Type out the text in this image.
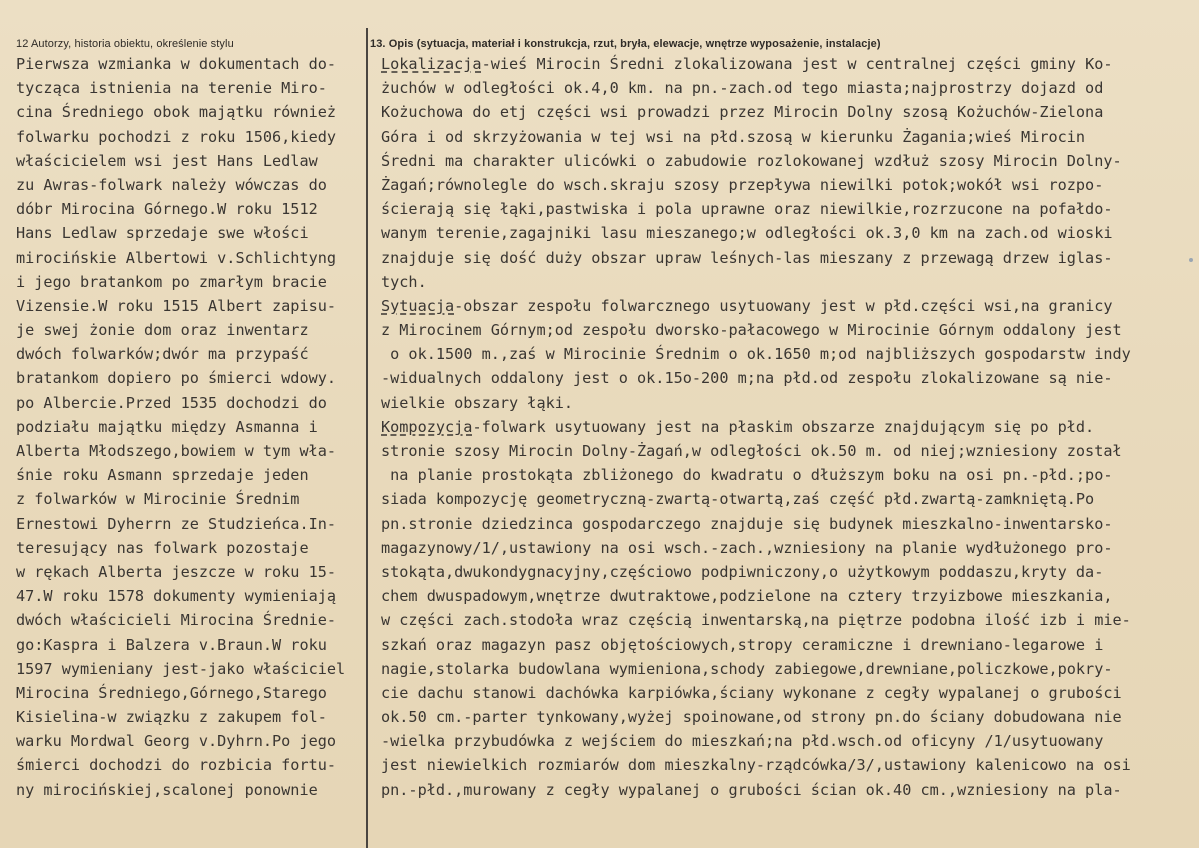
12 Autorzy, historia obiektu, określenie stylu	13. Opis (sytuacja, materiał i konstrukcja, rzut, bryła, elewacje, wnętrze wyposażenie, instalacje)
Pierwsza wzmianka w dokumentach do-
tycząca istnienia na terenie Miro-
cina Średniego obok majątku również
folwarku pochodzi z roku 1506,kiedy
właścicielem wsi jest Hans Ledlaw
zu Awras-folwark należy wówczas do
dóbr Mirocina Górnego.W roku 1512
Hans Ledlaw sprzedaje swe włości
mirocińskie Albertowi v.Schlichtyng
i jego bratankom po zmarłym bracie
Vizensie.W roku 1515 Albert zapisu-
je swej żonie dom oraz inwentarz
dwóch folwarków;dwór ma przypaść
bratankom dopiero po śmierci wdowy.
po Albercie.Przed 1535 dochodzi do
podziału majątku między Asmanna i
Alberta Młodszego,bowiem w tym wła-
śnie roku Asmann sprzedaje jeden
z folwarków w Mirocinie Średnim
Ernestowi Dyherrn ze Studzieńca.In-
teresujący nas folwark pozostaje
w rękach Alberta jeszcze w roku 15-
47.W roku 1578 dokumenty wymieniają
dwóch właścicieli Mirocina Średnie-
go:Kaspra i Balzera v.Braun.W roku
1597 wymieniany jest-jako właściciel
Mirocina Średniego,Górnego,Starego
Kisielina-w związku z zakupem fol-
warku Mordwal Georg v.Dyhrn.Po jego
śmierci dochodzi do rozbicia fortu-
ny mirocińskiej,scalonej ponownie
Lokalizacja-wieś Mirocin Średni zlokalizowana jest w centralnej części gminy Ko-
żuchów w odległości ok.4,0 km. na pn.-zach.od tego miasta;najprostrzy dojazd od
Kożuchowa do etj części wsi prowadzi przez Mirocin Dolny szosą Kożuchów-Zielona
Góra i od skrzyżowania w tej wsi na płd.szosą w kierunku Żagania;wieś Mirocin
Średni ma charakter ulicówki o zabudowie rozlokowanej wzdłuż szosy Mirocin Dolny-
Żagań;równolegle do wsch.skraju szosy przepływa niewilki potok;wokół wsi rozpo-
ścierają się łąki,pastwiska i pola uprawne oraz niewilkie,rozrzucone na pofałdo-
wanym terenie,zagajniki lasu mieszanego;w odległości ok.3,0 km na zach.od wioski
znajduje się dość duży obszar upraw leśnych-las mieszany z przewagą drzew iglas-
tych.
Sytuacja-obszar zespołu folwarcznego usytuowany jest w płd.części wsi,na granicy
z Mirocinem Górnym;od zespołu dworsko-pałacowego w Mirocinie Górnym oddalony jest
o ok.1500 m.,zaś w Mirocinie Średnim o ok.1650 m;od najbliższych gospodarstw indy
-widualnych oddalony jest o ok.15o-200 m;na płd.od zespołu zlokalizowane są nie-
wielkie obszary łąki.
Kompozycja-folwark usytuowany jest na płaskim obszarze znajdującym się po płd.
stronie szosy Mirocin Dolny-Żagań,w odległości ok.50 m. od niej;wzniesiony został
na planie prostokąta zbliżonego do kwadratu o dłuższym boku na osi pn.-płd.;po-
siada kompozycję geometryczną-zwartą-otwartą,zaś część płd.zwartą-zamkniętą.Po
pn.stronie dziedzinca gospodarczego znajduje się budynek mieszkalno-inwentarsko-
magazynowy/1/,ustawiony na osi wsch.-zach.,wzniesiony na planie wydłużonego pro-
stokąta,dwukondygnacyjny,częściowo podpiwniczony,o użytkowym poddaszu,kryty da-
chem dwuspadowym,wnętrze dwutraktowe,podzielone na cztery trzyizbowe mieszkania,
w części zach.stodoła wraz częścią inwentarską,na piętrze podobna ilość izb i mie-
szkań oraz magazyn pasz objętościowych,stropy ceramiczne i drewniano-legarowe i
nagie,stolarka budowlana wymieniona,schody zabiegowe,drewniane,policzkowe,pokry-
cie dachu stanowi dachówka karpiówka,ściany wykonane z cegły wypalanej o grubości
ok.50 cm.-parter tynkowany,wyżej spoinowane,od strony pn.do ściany dobudowana nie
-wielka przybudówka z wejściem do mieszkań;na płd.wsch.od oficyny /1/usytuowany
jest niewielkich rozmiarów dom mieszkalny-rządcówka/3/,ustawiony kalenicowo na osi
pn.-płd.,murowany z cegły wypalanej o grubości ścian ok.40 cm.,wzniesiony na pla-
